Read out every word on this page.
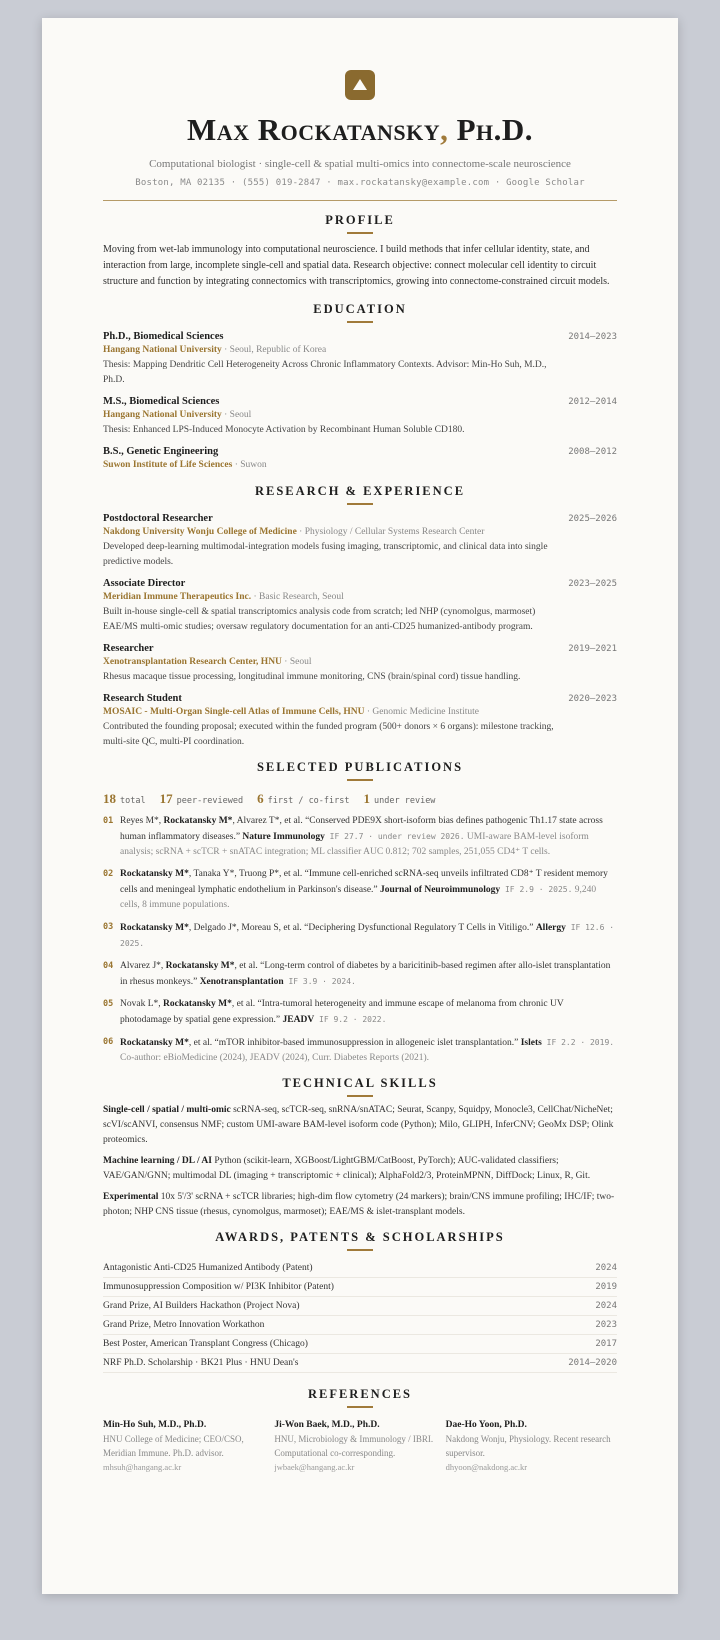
Max Rockatansky, Ph.D.
Computational biologist · single-cell & spatial multi-omics into connectome-scale neuroscience
Boston, MA 02135 · (555) 019-2847 · max.rockatansky@example.com · Google Scholar
PROFILE
Moving from wet-lab immunology into computational neuroscience. I build methods that infer cellular identity, state, and interaction from large, incomplete single-cell and spatial data. Research objective: connect molecular cell identity to circuit structure and function by integrating connectomics with transcriptomics, growing into connectome-constrained circuit models.
EDUCATION
Ph.D., Biomedical Sciences	2014–2023
Hangang National University · Seoul, Republic of Korea
Thesis: Mapping Dendritic Cell Heterogeneity Across Chronic Inflammatory Contexts. Advisor: Min-Ho Suh, M.D., Ph.D.
M.S., Biomedical Sciences	2012–2014
Hangang National University · Seoul
Thesis: Enhanced LPS-Induced Monocyte Activation by Recombinant Human Soluble CD180.
B.S., Genetic Engineering	2008–2012
Suwon Institute of Life Sciences · Suwon
RESEARCH & EXPERIENCE
Postdoctoral Researcher	2025–2026
Nakdong University Wonju College of Medicine · Physiology / Cellular Systems Research Center
Developed deep-learning multimodal-integration models fusing imaging, transcriptomic, and clinical data into single predictive models.
Associate Director	2023–2025
Meridian Immune Therapeutics Inc. · Basic Research, Seoul
Built in-house single-cell & spatial transcriptomics analysis code from scratch; led NHP (cynomolgus, marmoset) EAE/MS multi-omic studies; oversaw regulatory documentation for an anti-CD25 humanized-antibody program.
Researcher	2019–2021
Xenotransplantation Research Center, HNU · Seoul
Rhesus macaque tissue processing, longitudinal immune monitoring, CNS (brain/spinal cord) tissue handling.
Research Student	2020–2023
MOSAIC - Multi-Organ Single-cell Atlas of Immune Cells, HNU · Genomic Medicine Institute
Contributed the founding proposal; executed within the funded program (500+ donors × 6 organs): milestone tracking, multi-site QC, multi-PI coordination.
SELECTED PUBLICATIONS
18 total 17 peer-reviewed 6 first / co-first 1 under review
01 Reyes M*, Rockatansky M*, Alvarez T*, et al. “Conserved PDE9X short-isoform bias defines pathogenic Th1.17 state across human inflammatory diseases.” Nature Immunology IF 27.7 · under review 2026. UMI-aware BAM-level isoform analysis; scRNA + scTCR + snATAC integration; ML classifier AUC 0.812; 702 samples, 251,055 CD4⁺ T cells.
02 Rockatansky M*, Tanaka Y*, Truong P*, et al. “Immune cell-enriched scRNA-seq unveils infiltrated CD8⁺ T resident memory cells and meningeal lymphatic endothelium in Parkinson's disease.” Journal of Neuroimmunology IF 2.9 · 2025. 9,240 cells, 8 immune populations.
03 Rockatansky M*, Delgado J*, Moreau S, et al. “Deciphering Dysfunctional Regulatory T Cells in Vitiligo.” Allergy IF 12.6 · 2025.
04 Alvarez J*, Rockatansky M*, et al. “Long-term control of diabetes by a baricitinib-based regimen after allo-islet transplantation in rhesus monkeys.” Xenotransplantation IF 3.9 · 2024.
05 Novak L*, Rockatansky M*, et al. “Intra-tumoral heterogeneity and immune escape of melanoma from chronic UV photodamage by spatial gene expression.” JEADV IF 9.2 · 2022.
06 Rockatansky M*, et al. “mTOR inhibitor-based immunosuppression in allogeneic islet transplantation.” Islets IF 2.2 · 2019. Co-author: eBioMedicine (2024), JEADV (2024), Curr. Diabetes Reports (2021).
TECHNICAL SKILLS
Single-cell / spatial / multi-omic scRNA-seq, scTCR-seq, snRNA/snATAC; Seurat, Scanpy, Squidpy, Monocle3, CellChat/NicheNet; scVI/scANVI, consensus NMF; custom UMI-aware BAM-level isoform code (Python); Milo, GLIPH, InferCNV; GeoMx DSP; Olink proteomics.
Machine learning / DL / AI Python (scikit-learn, XGBoost/LightGBM/CatBoost, PyTorch); AUC-validated classifiers; VAE/GAN/GNN; multimodal DL (imaging + transcriptomic + clinical); AlphaFold2/3, ProteinMPNN, DiffDock; Linux, R, Git.
Experimental 10x 5'/3' scRNA + scTCR libraries; high-dim flow cytometry (24 markers); brain/CNS immune profiling; IHC/IF; two-photon; NHP CNS tissue (rhesus, cynomolgus, marmoset); EAE/MS & islet-transplant models.
AWARDS, PATENTS & SCHOLARSHIPS
Antagonistic Anti-CD25 Humanized Antibody (Patent)	2024
Immunosuppression Composition w/ PI3K Inhibitor (Patent)	2019
Grand Prize, AI Builders Hackathon (Project Nova)	2024
Grand Prize, Metro Innovation Workathon	2023
Best Poster, American Transplant Congress (Chicago)	2017
NRF Ph.D. Scholarship · BK21 Plus · HNU Dean's	2014–2020
REFERENCES
Min-Ho Suh, M.D., Ph.D.
HNU College of Medicine; CEO/CSO, Meridian Immune. Ph.D. advisor.
mhsuh@hangang.ac.kr
Ji-Won Baek, M.D., Ph.D.
HNU, Microbiology & Immunology / IBRI. Computational co-corresponding.
jwbaek@hangang.ac.kr
Dae-Ho Yoon, Ph.D.
Nakdong Wonju, Physiology. Recent research supervisor.
dhyoon@nakdong.ac.kr
